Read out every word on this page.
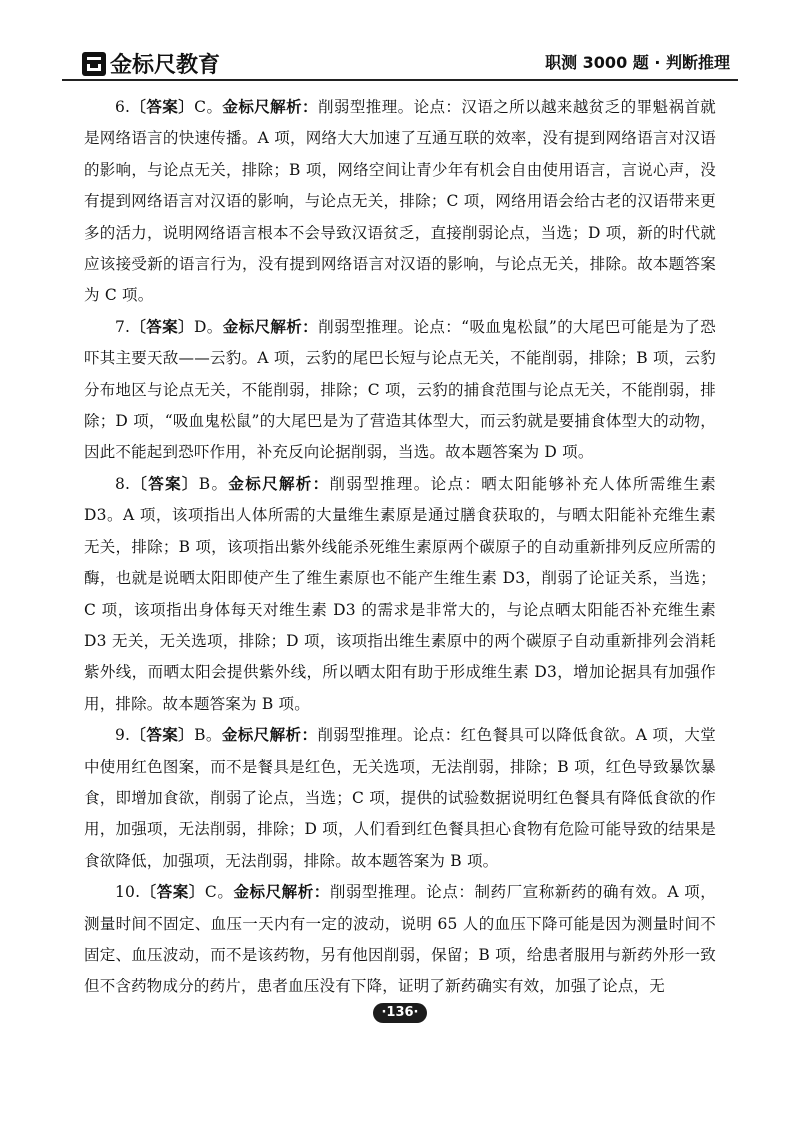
金标尺教育	职测 3000 题 · 判断推理

6.〔答案〕C。金标尺解析：削弱型推理。论点：汉语之所以越来越贫乏的罪魁祸首就是网络语言的快速传播。A 项，网络大大加速了互通互联的效率，没有提到网络语言对汉语的影响，与论点无关，排除；B 项，网络空间让青少年有机会自由使用语言，言说心声，没有提到网络语言对汉语的影响，与论点无关，排除；C 项，网络用语会给古老的汉语带来更多的活力，说明网络语言根本不会导致汉语贫乏，直接削弱论点，当选；D 项，新的时代就应该接受新的语言行为，没有提到网络语言对汉语的影响，与论点无关，排除。故本题答案为 C 项。

7.〔答案〕D。金标尺解析：削弱型推理。论点：“吸血鬼松鼠”的大尾巴可能是为了恐吓其主要天敌——云豹。A 项，云豹的尾巴长短与论点无关，不能削弱，排除；B 项，云豹分布地区与论点无关，不能削弱，排除；C 项，云豹的捕食范围与论点无关，不能削弱，排除；D 项，“吸血鬼松鼠”的大尾巴是为了营造其体型大，而云豹就是要捕食体型大的动物，因此不能起到恐吓作用，补充反向论据削弱，当选。故本题答案为 D 项。

8.〔答案〕B。金标尺解析：削弱型推理。论点：晒太阳能够补充人体所需维生素 D3。A 项，该项指出人体所需的大量维生素原是通过膳食获取的，与晒太阳能补充维生素无关，排除；B 项，该项指出紫外线能杀死维生素原两个碳原子的自动重新排列反应所需的酶，也就是说晒太阳即使产生了维生素原也不能产生维生素 D3，削弱了论证关系，当选；C 项，该项指出身体每天对维生素 D3 的需求是非常大的，与论点晒太阳能否补充维生素 D3 无关，无关选项，排除；D 项，该项指出维生素原中的两个碳原子自动重新排列会消耗紫外线，而晒太阳会提供紫外线，所以晒太阳有助于形成维生素 D3，增加论据具有加强作用，排除。故本题答案为 B 项。

9.〔答案〕B。金标尺解析：削弱型推理。论点：红色餐具可以降低食欲。A 项，大堂中使用红色图案，而不是餐具是红色，无关选项，无法削弱，排除；B 项，红色导致暴饮暴食，即增加食欲，削弱了论点，当选；C 项，提供的试验数据说明红色餐具有降低食欲的作用，加强项，无法削弱，排除；D 项，人们看到红色餐具担心食物有危险可能导致的结果是食欲降低，加强项，无法削弱，排除。故本题答案为 B 项。

10.〔答案〕C。金标尺解析：削弱型推理。论点：制药厂宣称新药的确有效。A 项，测量时间不固定、血压一天内有一定的波动，说明 65 人的血压下降可能是因为测量时间不固定、血压波动，而不是该药物，另有他因削弱，保留；B 项，给患者服用与新药外形一致但不含药物成分的药片，患者血压没有下降，证明了新药确实有效，加强了论点，无

·136·
